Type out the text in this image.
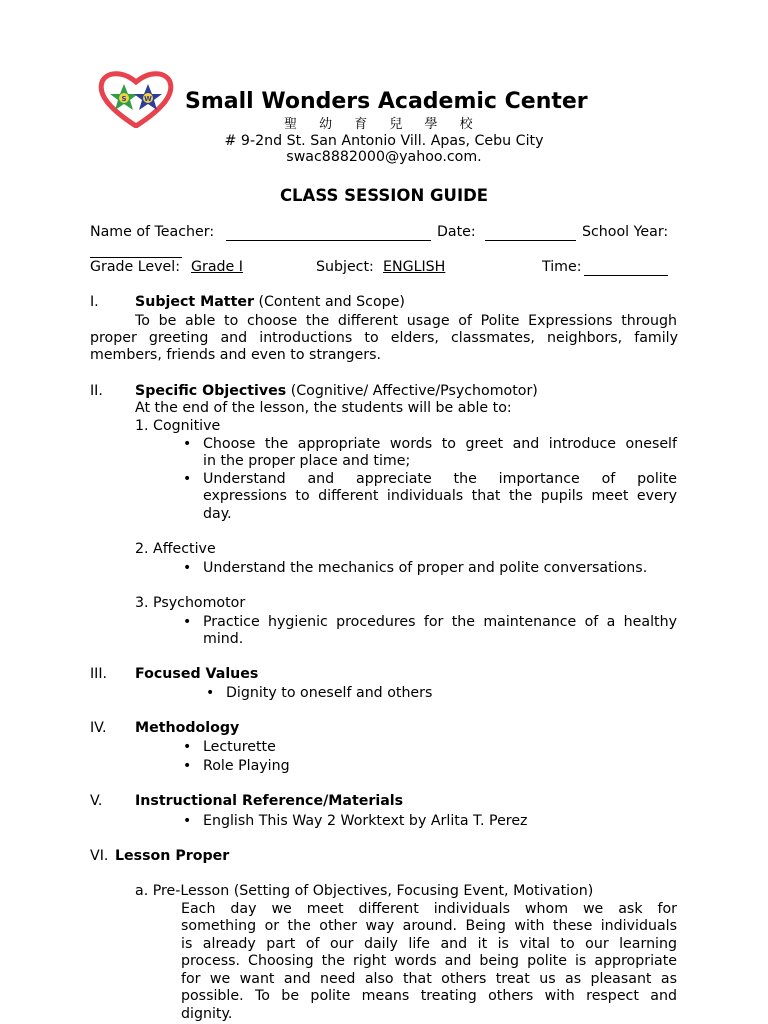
S	W Small Wonders Academic Center
聖 幼 育 兒 學 校
# 9-2nd St. San Antonio Vill. Apas, Cebu City
swac8882000@yahoo.com.
CLASS SESSION GUIDE
Name of Teacher:	Date:	School Year:
Grade Level: Grade I	Subject: ENGLISH	Time:
I.	Subject Matter (Content and Scope)
To be able to choose the different usage of Polite Expressions through
proper greeting and introductions to elders, classmates, neighbors, family
members, friends and even to strangers.
II. Specific Objectives (Cognitive/ Affective/Psychomotor)
At the end of the lesson, the students will be able to:
1. Cognitive
• Choose the appropriate words to greet and introduce oneself
in the proper place and time;
• Understand and appreciate the importance of polite
expressions to different individuals that the pupils meet every
day.
2. Affective
• Understand the mechanics of proper and polite conversations.
3. Psychomotor
• Practice hygienic procedures for the maintenance of a healthy
mind.
III. Focused Values
• Dignity to oneself and others
IV. Methodology
• Lecturette
• Role Playing
V. Instructional Reference/Materials
• English This Way 2 Worktext by Arlita T. Perez
VI. Lesson Proper
a. Pre-Lesson (Setting of Objectives, Focusing Event, Motivation)
Each day we meet different individuals whom we ask for
something or the other way around. Being with these individuals
is already part of our daily life and it is vital to our learning
process. Choosing the right words and being polite is appropriate
for we want and need also that others treat us as pleasant as
possible. To be polite means treating others with respect and
dignity.
